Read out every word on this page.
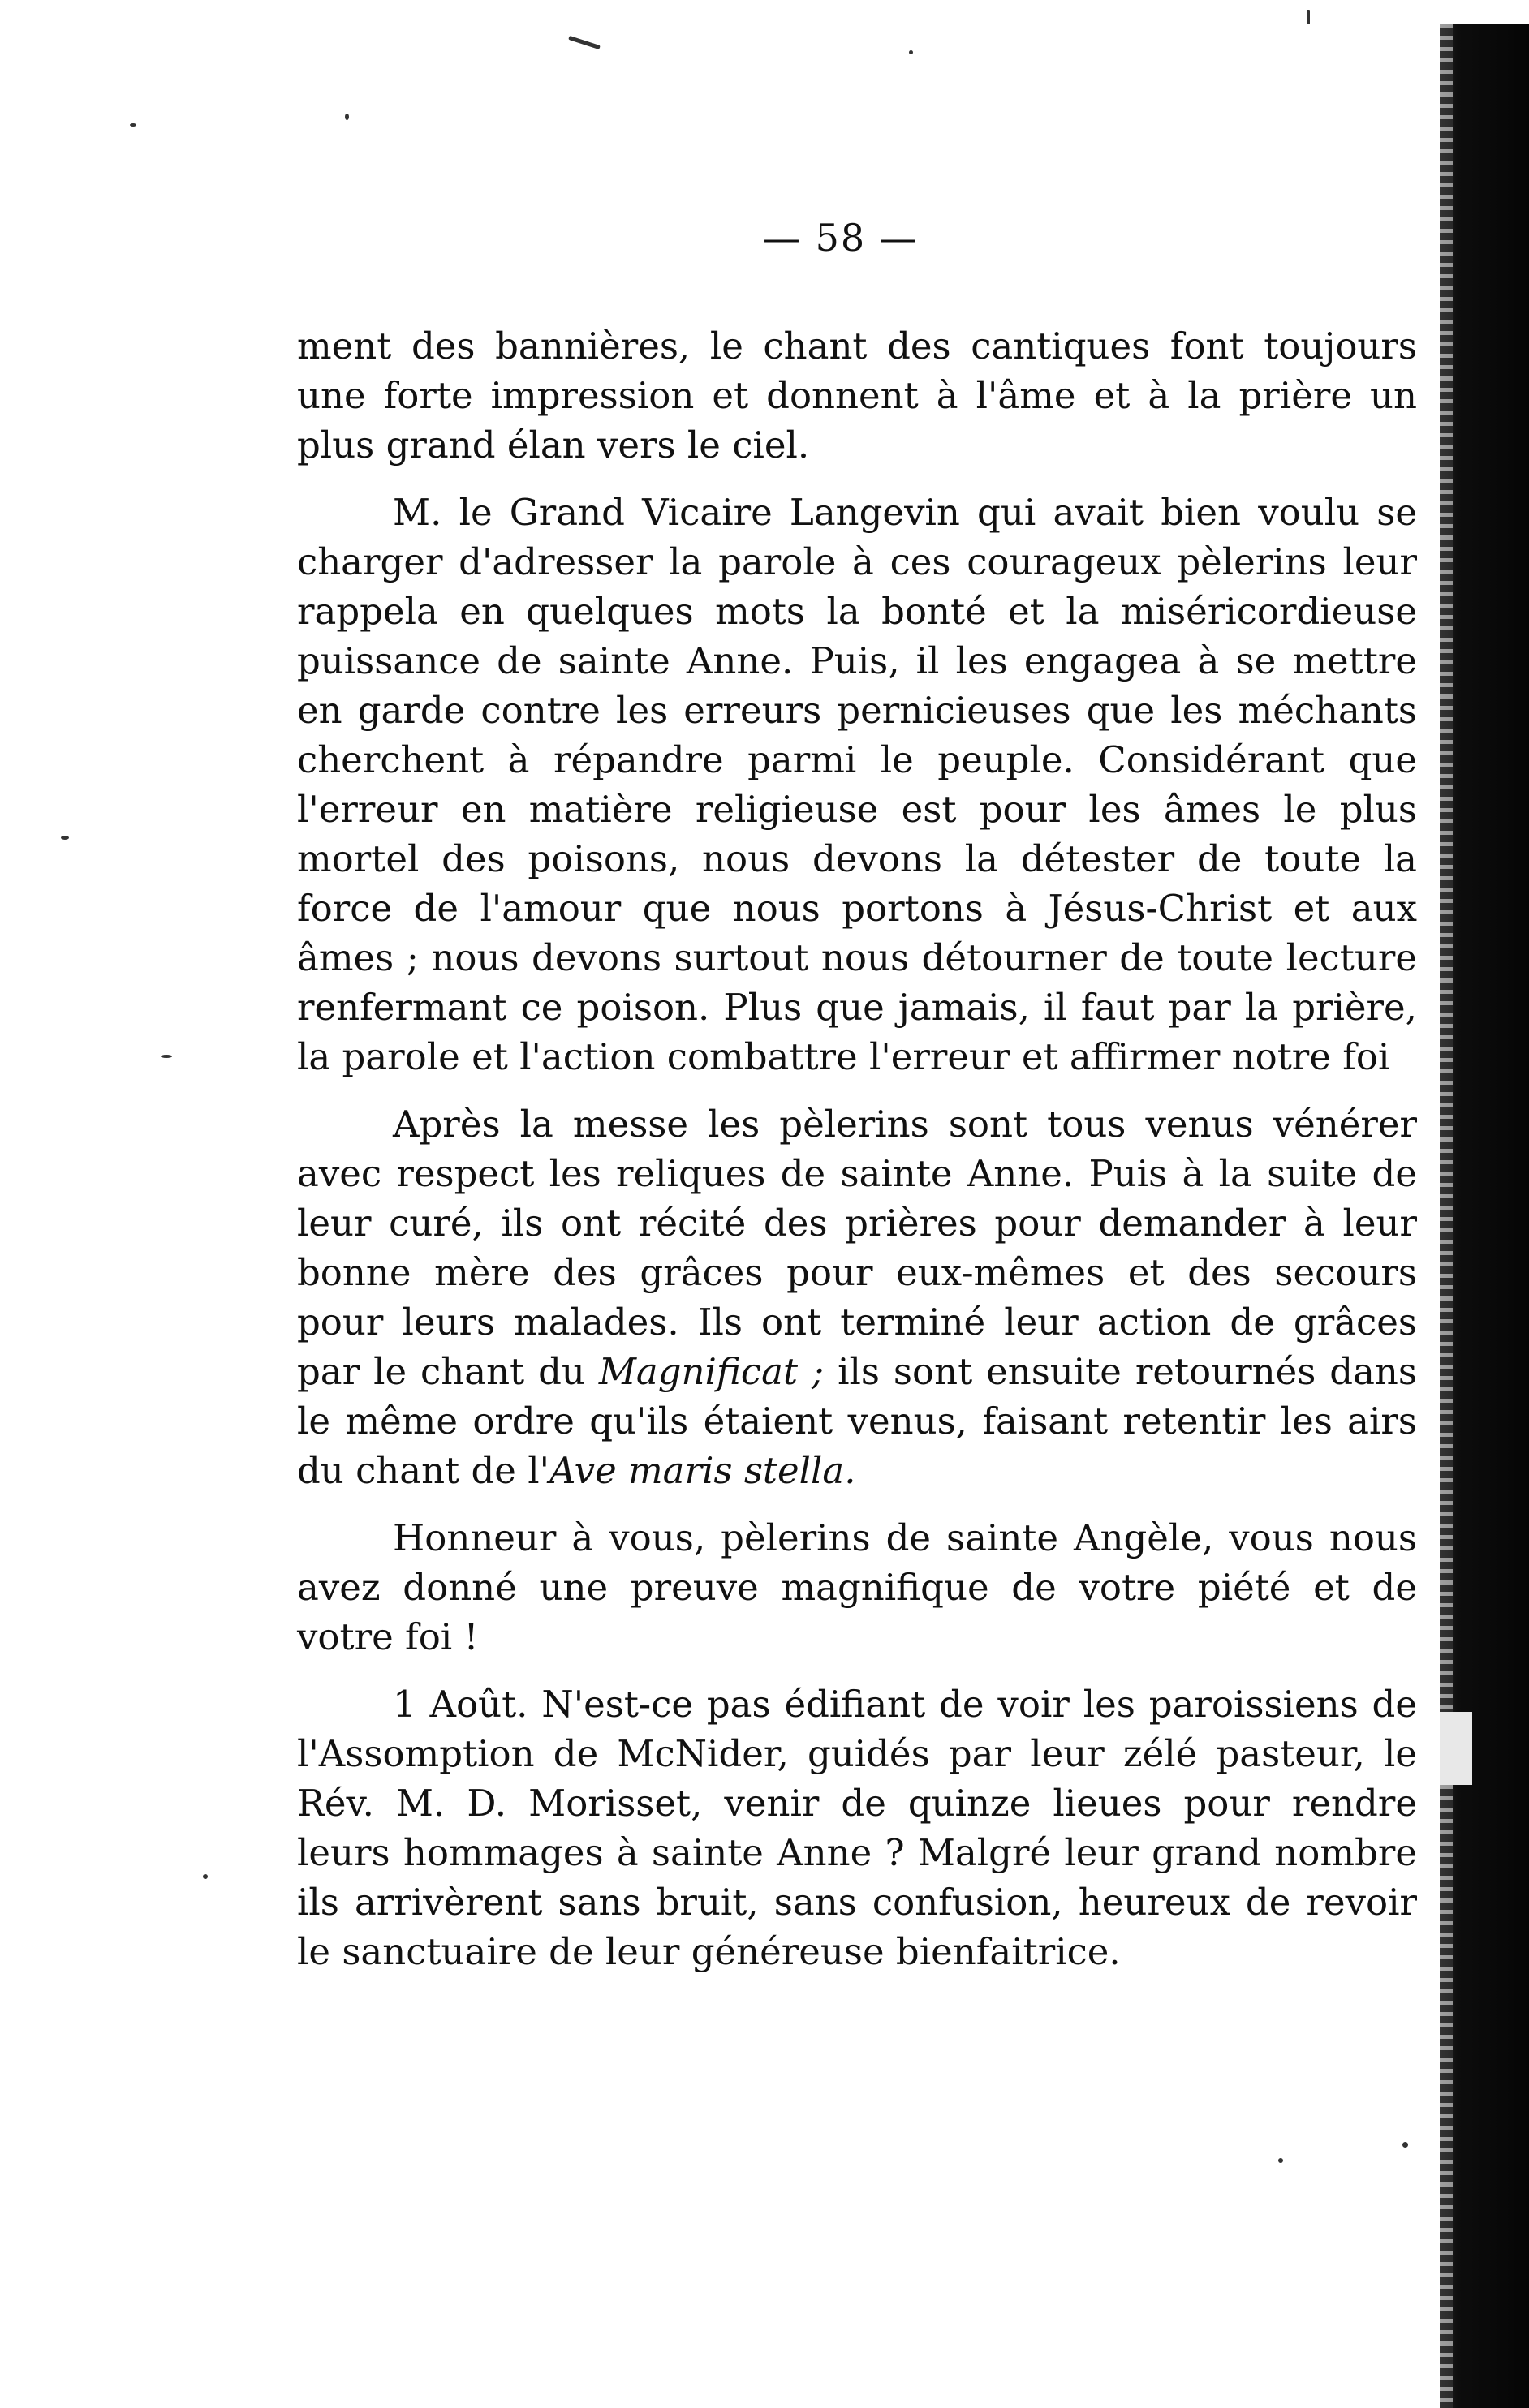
— 58 —

ment des bannières, le chant des cantiques font toujours une forte impression et donnent à l'âme et à la prière un plus grand élan vers le ciel.

M. le Grand Vicaire Langevin qui avait bien voulu se charger d'adresser la parole à ces courageux pèlerins leur rappela en quelques mots la bonté et la miséricordieuse puissance de sainte Anne. Puis, il les engagea à se mettre en garde contre les erreurs pernicieuses que les méchants cherchent à répandre parmi le peuple. Considérant que l'erreur en matière religieuse est pour les âmes le plus mortel des poisons, nous devons la détester de toute la force de l'amour que nous portons à Jésus-Christ et aux âmes ; nous devons surtout nous détourner de toute lecture renfermant ce poison. Plus que jamais, il faut par la prière, la parole et l'action combattre l'erreur et affirmer notre foi

Après la messe les pèlerins sont tous venus vénérer avec respect les reliques de sainte Anne. Puis à la suite de leur curé, ils ont récité des prières pour demander à leur bonne mère des grâces pour eux-mêmes et des secours pour leurs malades. Ils ont terminé leur action de grâces par le chant du Magnificat ; ils sont ensuite retournés dans le même ordre qu'ils étaient venus, faisant retentir les airs du chant de l'Ave maris stella.

Honneur à vous, pèlerins de sainte Angèle, vous nous avez donné une preuve magnifique de votre piété et de votre foi !

1 Août. N'est-ce pas édifiant de voir les paroissiens de l'Assomption de McNider, guidés par leur zélé pasteur, le Rév. M. D. Morisset, venir de quinze lieues pour rendre leurs hommages à sainte Anne ? Malgré leur grand nombre ils arrivèrent sans bruit, sans confusion, heureux de revoir le sanctuaire de leur généreuse bienfaitrice.
